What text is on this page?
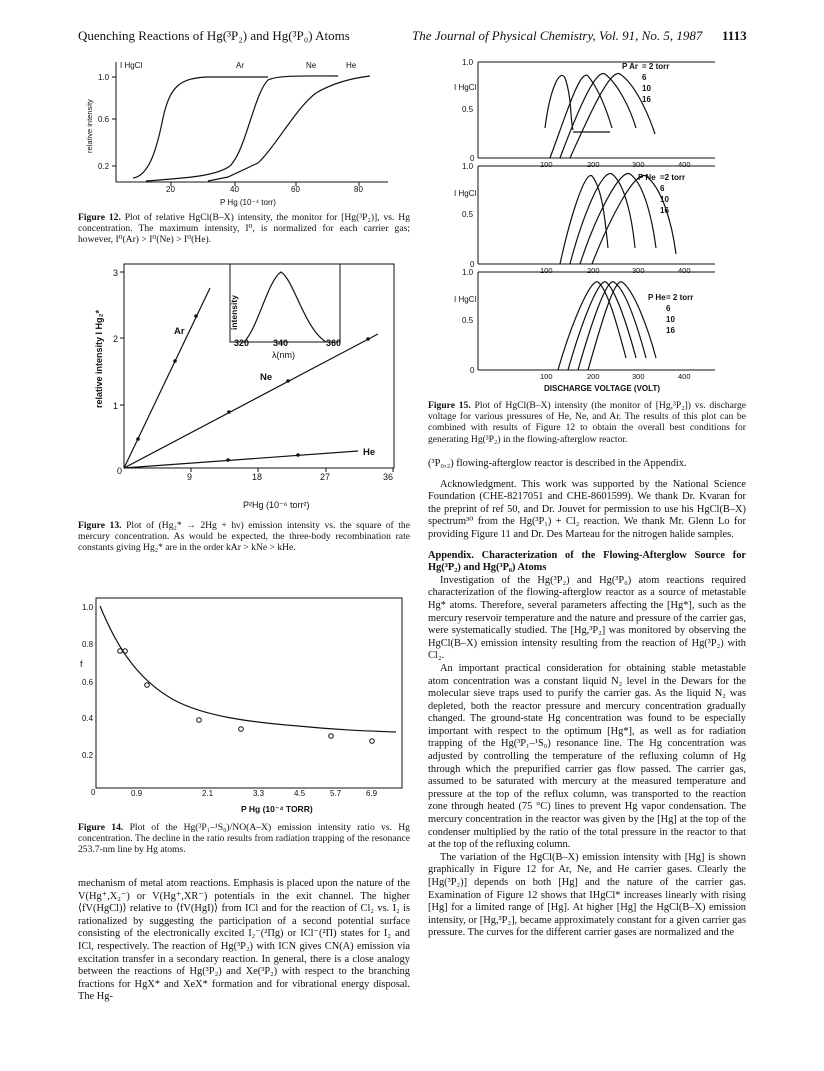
Quenching Reactions of Hg(³P₂) and Hg(³P₀) Atoms	The Journal of Physical Chemistry, Vol. 91, No. 5, 1987 1113
1.0
0.6
0.2
20	40	60	80
P Hg (10⁻⁴ torr)
relative intensity
I HgCl	Ar	Ne	He
Figure 12. Plot of relative HgCl(B–X) intensity, the monitor for [Hg(³P₂)], vs. Hg concentration. The maximum intensity, I⁰, is normalized for each carrier gas; however, I⁰(Ar) > I⁰(Ne) > I⁰(He).
3
2
1
0
9	18	27	36
P²Hg (10⁻⁶ torr²)
relative intensity I Hg₂*	Ar
Ne
He
320	340	360
λ(nm)
intensity
Figure 13. Plot of (Hg₂* → 2Hg + hν) emission intensity vs. the square of the mercury concentration. As would be expected, the three-body recombination rate constants giving Hg₂* are in the order kAr > kNe > kHe.
1.0
0.8
0.6
0.4
0.2
0
f
0.9	2.1	3.3	4.5	5.7	6.9
P Hg (10⁻⁴ TORR)
Figure 14. Plot of the Hg(³P₁–¹S₀)/NO(A–X) emission intensity ratio vs. Hg concentration. The decline in the ratio results from radiation trapping of the resonance 253.7-nm line by Hg atoms.

mechanism of metal atom reactions. Emphasis is placed upon the nature of the V(Hg⁺,X₂⁻) or V(Hg⁺,XR⁻) potentials in the exit channel. The higher ⟨fV(HgCl)⟩ relative to ⟨fV(HgI)⟩ from ICl and for the reaction of Cl₂ vs. I₂ is rationalized by suggesting the participation of a second potential surface consisting of the electronically excited I₂⁻(²Πg) or ICl⁻(²Π) states for I₂ and ICl, respectively. The reaction of Hg(³P₂) with ICN gives CN(A) emission via excitation transfer in a secondary reaction. In general, there is a close analogy between the reactions of Hg(³P₂) and Xe(³P₂) with respect to the branching fractions for HgX* and XeX* formation and for vibrational energy disposal. The Hg-

1.0
0.5
0
I HgCl
100	200	300	400
P Ar = 2 torr
6
10
16
1.0
0.5
0
I HgCl
100	200	300	400
P Ne =2 torr
6
10
16
1.0
0.5
0
I HgCl
100	200	300	400
P He = 2 torr
6
10
16
DISCHARGE VOLTAGE (VOLT)
Figure 15. Plot of HgCl(B–X) intensity (the monitor of [Hg,³P₂]) vs. discharge voltage for various pressures of He, Ne, and Ar. The results of this plot can be combined with results of Figure 12 to obtain the overall best conditions for generating Hg(³P₂) in the flowing-afterglow reactor.

(³P₀,₂) flowing-afterglow reactor is described in the Appendix.

Acknowledgment. This work was supported by the National Science Foundation (CHE-8217051 and CHE-8601599). We thank Dr. Kvaran for the preprint of ref 50, and Dr. Jouvet for permission to use his HgCl(B–X) spectrum³⁰ from the Hg(³P₁) + Cl₂ reaction. We thank Mr. Glenn Lo for providing Figure 11 and Dr. Des Marteau for the nitrogen halide samples.

Appendix. Characterization of the Flowing-Afterglow Source for Hg(³P₂) and Hg(³P₀) Atoms

Investigation of the Hg(³P₂) and Hg(³P₀) atom reactions required characterization of the flowing-afterglow reactor as a source of metastable Hg* atoms. Therefore, several parameters affecting the [Hg*], such as the mercury reservoir temperature and the nature and pressure of the carrier gas, were systematically studied. The [Hg,³P₂] was monitored by observing the HgCl(B–X) emission intensity resulting from the reaction of Hg(³P₂) with Cl₂.

An important practical consideration for obtaining stable metastable atom concentration was a constant liquid N₂ level in the Dewars for the molecular sieve traps used to purify the carrier gas. As the liquid N₂ was depleted, both the reactor pressure and mercury concentration gradually changed. The ground-state Hg concentration was found to be especially important with respect to the optimum [Hg*], as well as for radiation trapping of the Hg(³P₁–¹S₀) resonance line. The Hg concentration was adjusted by controlling the temperature of the refluxing column of Hg through which the prepurified carrier gas flow passed. The carrier gas, assumed to be saturated with mercury at the measured temperature and pressure at the top of the reflux column, was transported to the reaction zone through heated (75 °C) lines to prevent Hg vapor condensation. The mercury concentration in the reactor was given by the [Hg] at the top of the condenser multiplied by the ratio of the total pressure in the reactor to that at the top of the refluxing column.

The variation of the HgCl(B–X) emission intensity with [Hg] is shown graphically in Figure 12 for Ar, Ne, and He carrier gases. Clearly the [Hg(³P₂)] depends on both [Hg] and the nature of the carrier gas. Examination of Figure 12 shows that IHgCl* increases linearly with rising [Hg] for a limited range of [Hg]. At higher [Hg] the HgCl(B–X) emission intensity, or [Hg,³P₂], became approximately constant for a given carrier gas pressure. The curves for the different carrier gases are normalized and the
